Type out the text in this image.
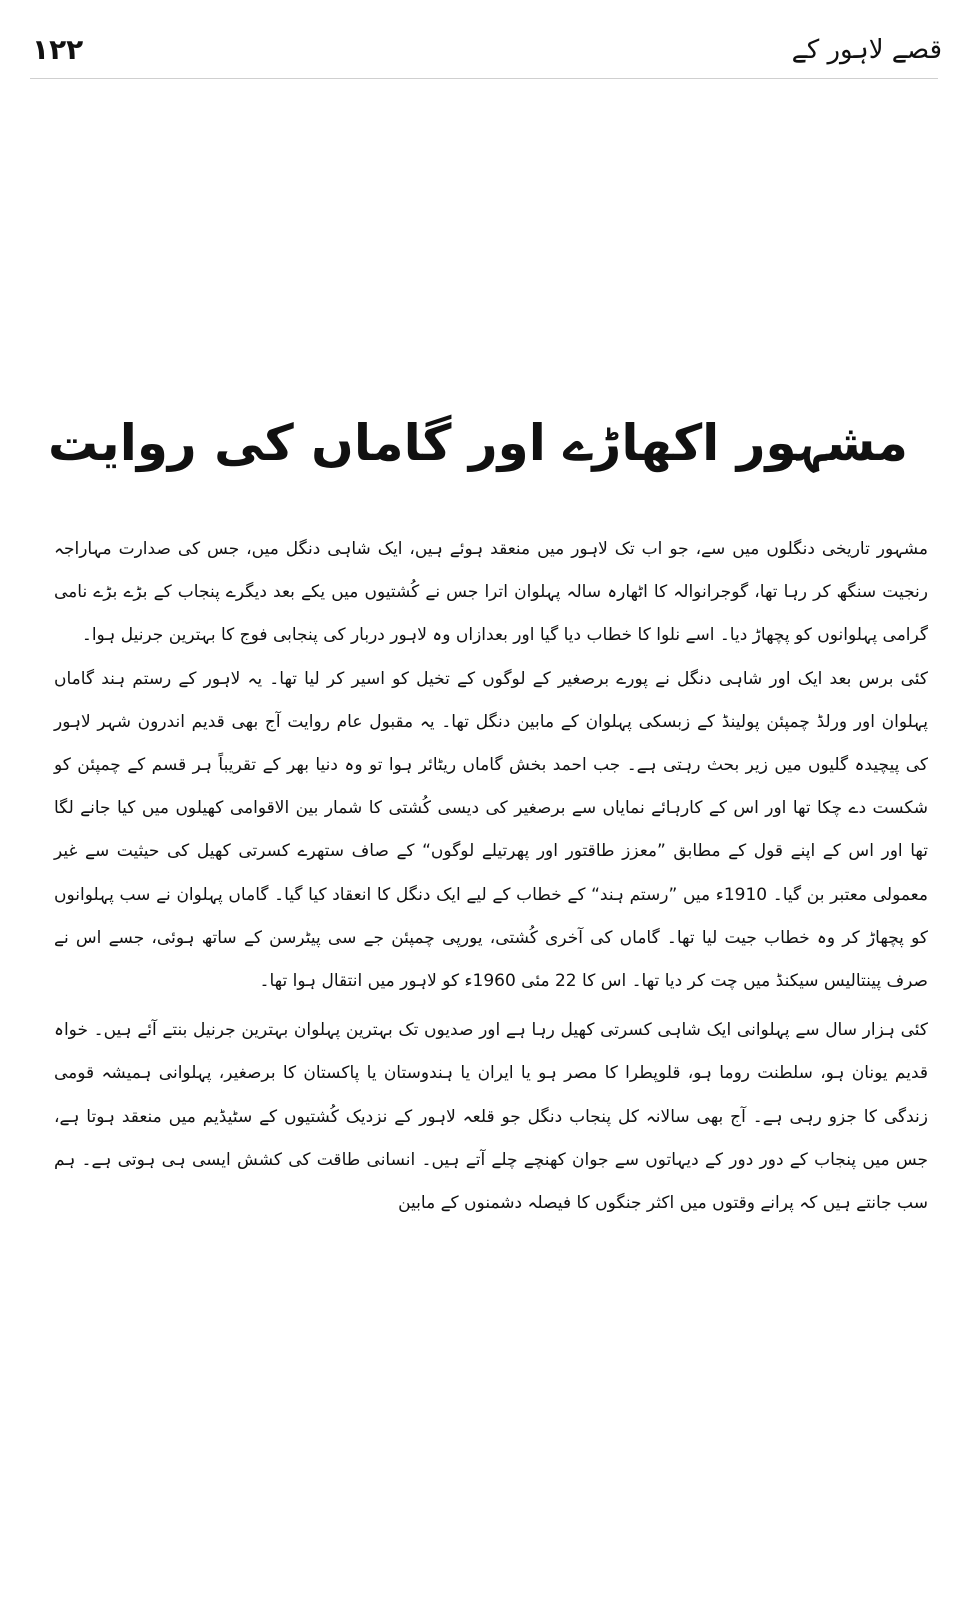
قصے لاہور کے
۱۲۲
مشہور اکھاڑے اور گاماں کی روایت

مشہور تاریخی دنگلوں میں سے، جو اب تک لاہور میں منعقد ہوئے ہیں، ایک شاہی دنگل میں، جس کی صدارت مہاراجہ رنجیت سنگھ کر رہا تھا، گوجرانوالہ کا اٹھارہ سالہ پہلوان اترا جس نے کُشتیوں میں یکے بعد دیگرے پنجاب کے بڑے بڑے نامی گرامی پہلوانوں کو پچھاڑ دیا۔ اسے نلوا کا خطاب دیا گیا اور بعدازاں وہ لاہور دربار کی پنجابی فوج کا بہترین جرنیل ہوا۔

کئی برس بعد ایک اور شاہی دنگل نے پورے برصغیر کے لوگوں کے تخیل کو اسیر کر لیا تھا۔ یہ لاہور کے رستم ہند گاماں پہلوان اور ورلڈ چمپئن پولینڈ کے زبسکی پہلوان کے مابین دنگل تھا۔ یہ مقبول عام روایت آج بھی قدیم اندرون شہر لاہور کی پیچیدہ گلیوں میں زیر بحث رہتی ہے۔ جب احمد بخش گاماں ریٹائر ہوا تو وہ دنیا بھر کے تقریباً ہر قسم کے چمپئن کو شکست دے چکا تھا اور اس کے کارہائے نمایاں سے برصغیر کی دیسی کُشتی کا شمار بین الاقوامی کھیلوں میں کیا جانے لگا تھا اور اس کے اپنے قول کے مطابق ”معزز طاقتور اور پھرتیلے لوگوں“ کے صاف ستھرے کسرتی کھیل کی حیثیت سے غیر معمولی معتبر بن گیا۔ 1910ء میں ”رستم ہند“ کے خطاب کے لیے ایک دنگل کا انعقاد کیا گیا۔ گاماں پہلوان نے سب پہلوانوں کو پچھاڑ کر وہ خطاب جیت لیا تھا۔ گاماں کی آخری کُشتی، یورپی چمپئن جے سی پیٹرسن کے ساتھ ہوئی، جسے اس نے صرف پینتالیس سیکنڈ میں چت کر دیا تھا۔ اس کا 22 مئی 1960ء کو لاہور میں انتقال ہوا تھا۔

کئی ہزار سال سے پہلوانی ایک شاہی کسرتی کھیل رہا ہے اور صدیوں تک بہترین پہلوان بہترین جرنیل بنتے آئے ہیں۔ خواہ قدیم یونان ہو، سلطنت روما ہو، قلوپطرا کا مصر ہو یا ایران یا ہندوستان یا پاکستان کا برصغیر، پہلوانی ہمیشہ قومی زندگی کا جزو رہی ہے۔ آج بھی سالانہ کل پنجاب دنگل جو قلعہ لاہور کے نزدیک کُشتیوں کے سٹیڈیم میں منعقد ہوتا ہے، جس میں پنجاب کے دور دور کے دیہاتوں سے جوان کھنچے چلے آتے ہیں۔ انسانی طاقت کی کشش ایسی ہی ہوتی ہے۔ ہم سب جانتے ہیں کہ پرانے وقتوں میں اکثر جنگوں کا فیصلہ دشمنوں کے مابین
